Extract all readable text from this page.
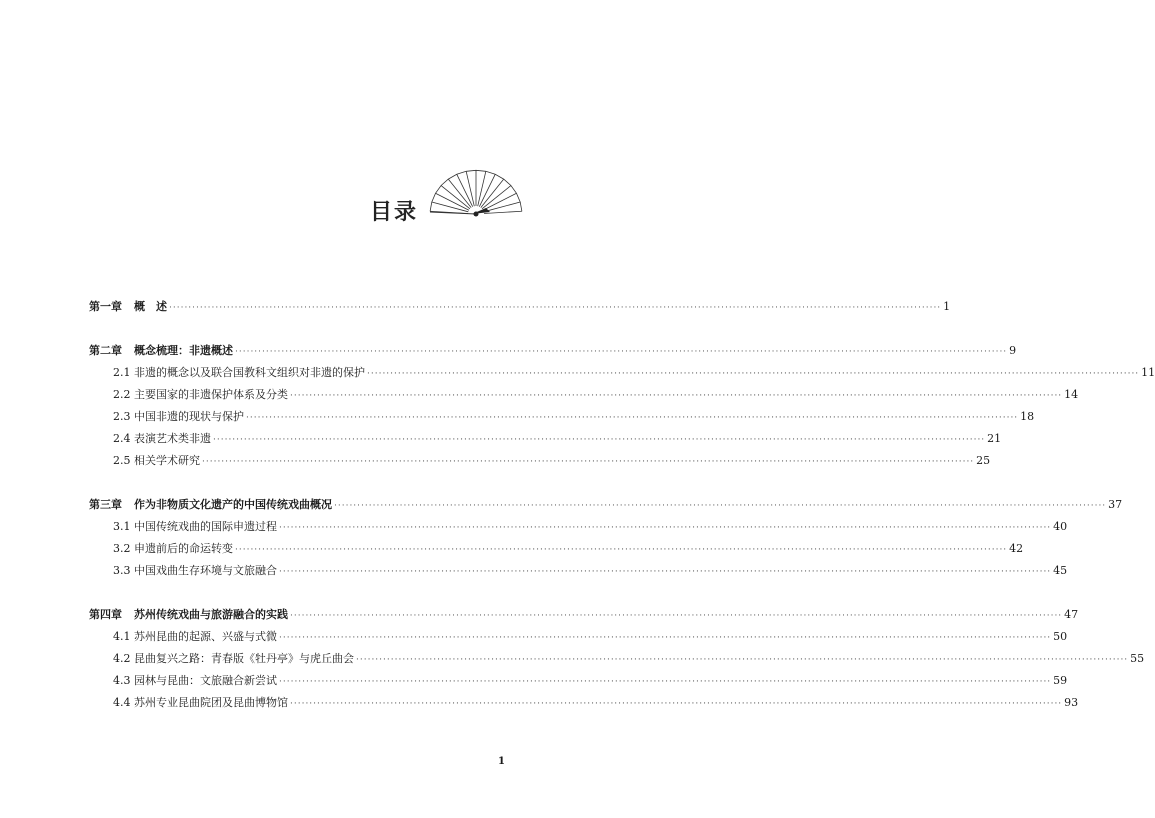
目录
第一章 概　述 ········································································································································································································ 1
第二章 概念梳理：非遗概述 ········································································································································································································ 9
2.1 非遗的概念以及联合国教科文组织对非遗的保护 ········································································································································································································ 11
2.2 主要国家的非遗保护体系及分类 ········································································································································································································ 14
2.3 中国非遗的现状与保护 ········································································································································································································ 18
2.4 表演艺术类非遗 ········································································································································································································ 21
2.5 相关学术研究 ········································································································································································································ 25
第三章 作为非物质文化遗产的中国传统戏曲概况 ········································································································································································································ 37
3.1 中国传统戏曲的国际申遗过程 ········································································································································································································ 40
3.2 申遗前后的命运转变 ········································································································································································································ 42
3.3 中国戏曲生存环境与文旅融合 ········································································································································································································ 45
第四章 苏州传统戏曲与旅游融合的实践 ········································································································································································································ 47
4.1 苏州昆曲的起源、兴盛与式微 ········································································································································································································ 50
4.2 昆曲复兴之路：青春版《牡丹亭》与虎丘曲会 ········································································································································································································ 55
4.3 园林与昆曲：文旅融合新尝试 ········································································································································································································ 59
4.4 苏州专业昆曲院团及昆曲博物馆 ········································································································································································································ 93
1
